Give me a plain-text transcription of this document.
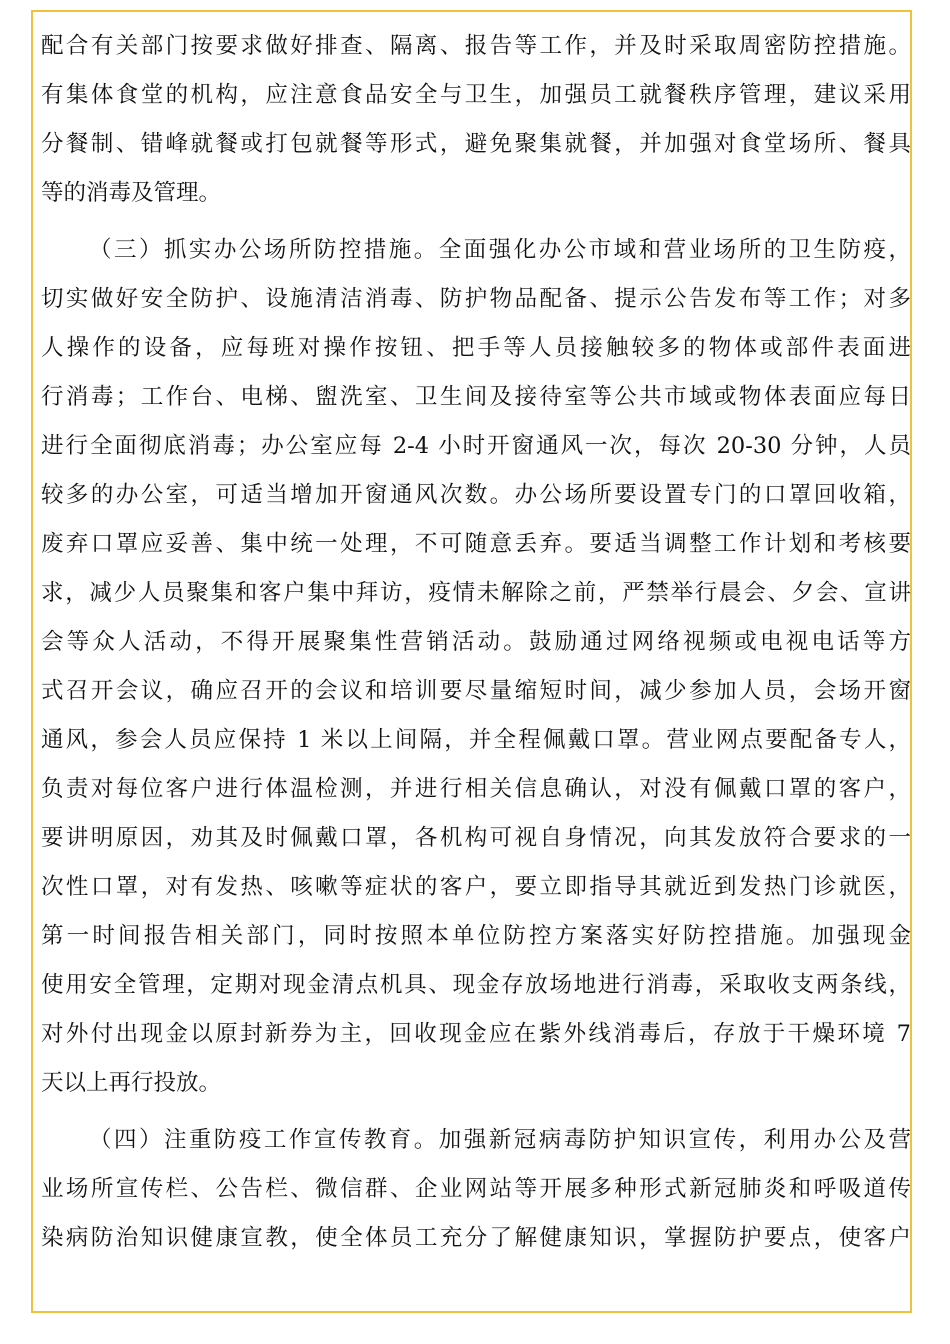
配合有关部门按要求做好排查、隔离、报告等工作，并及时采取周密防控措施。
有集体食堂的机构，应注意食品安全与卫生，加强员工就餐秩序管理，建议采用
分餐制、错峰就餐或打包就餐等形式，避免聚集就餐，并加强对食堂场所、餐具
等的消毒及管理。
（三）抓实办公场所防控措施。全面强化办公市域和营业场所的卫生防疫，
切实做好安全防护、设施清洁消毒、防护物品配备、提示公告发布等工作；对多
人操作的设备，应每班对操作按钮、把手等人员接触较多的物体或部件表面进
行消毒；工作台、电梯、盥洗室、卫生间及接待室等公共市域或物体表面应每日
进行全面彻底消毒；办公室应每 2-4 小时开窗通风一次，每次 20-30 分钟，人员
较多的办公室，可适当增加开窗通风次数。办公场所要设置专门的口罩回收箱，
废弃口罩应妥善、集中统一处理，不可随意丢弃。要适当调整工作计划和考核要
求，减少人员聚集和客户集中拜访，疫情未解除之前，严禁举行晨会、夕会、宣讲
会等众人活动，不得开展聚集性营销活动。鼓励通过网络视频或电视电话等方
式召开会议，确应召开的会议和培训要尽量缩短时间，减少参加人员，会场开窗
通风，参会人员应保持 1 米以上间隔，并全程佩戴口罩。营业网点要配备专人，
负责对每位客户进行体温检测，并进行相关信息确认，对没有佩戴口罩的客户，
要讲明原因，劝其及时佩戴口罩，各机构可视自身情况，向其发放符合要求的一
次性口罩，对有发热、咳嗽等症状的客户，要立即指导其就近到发热门诊就医，
第一时间报告相关部门，同时按照本单位防控方案落实好防控措施。加强现金
使用安全管理，定期对现金清点机具、现金存放场地进行消毒，采取收支两条线，
对外付出现金以原封新券为主，回收现金应在紫外线消毒后，存放于干燥环境 7
天以上再行投放。
（四）注重防疫工作宣传教育。加强新冠病毒防护知识宣传，利用办公及营
业场所宣传栏、公告栏、微信群、企业网站等开展多种形式新冠肺炎和呼吸道传
染病防治知识健康宣教，使全体员工充分了解健康知识，掌握防护要点，使客户
